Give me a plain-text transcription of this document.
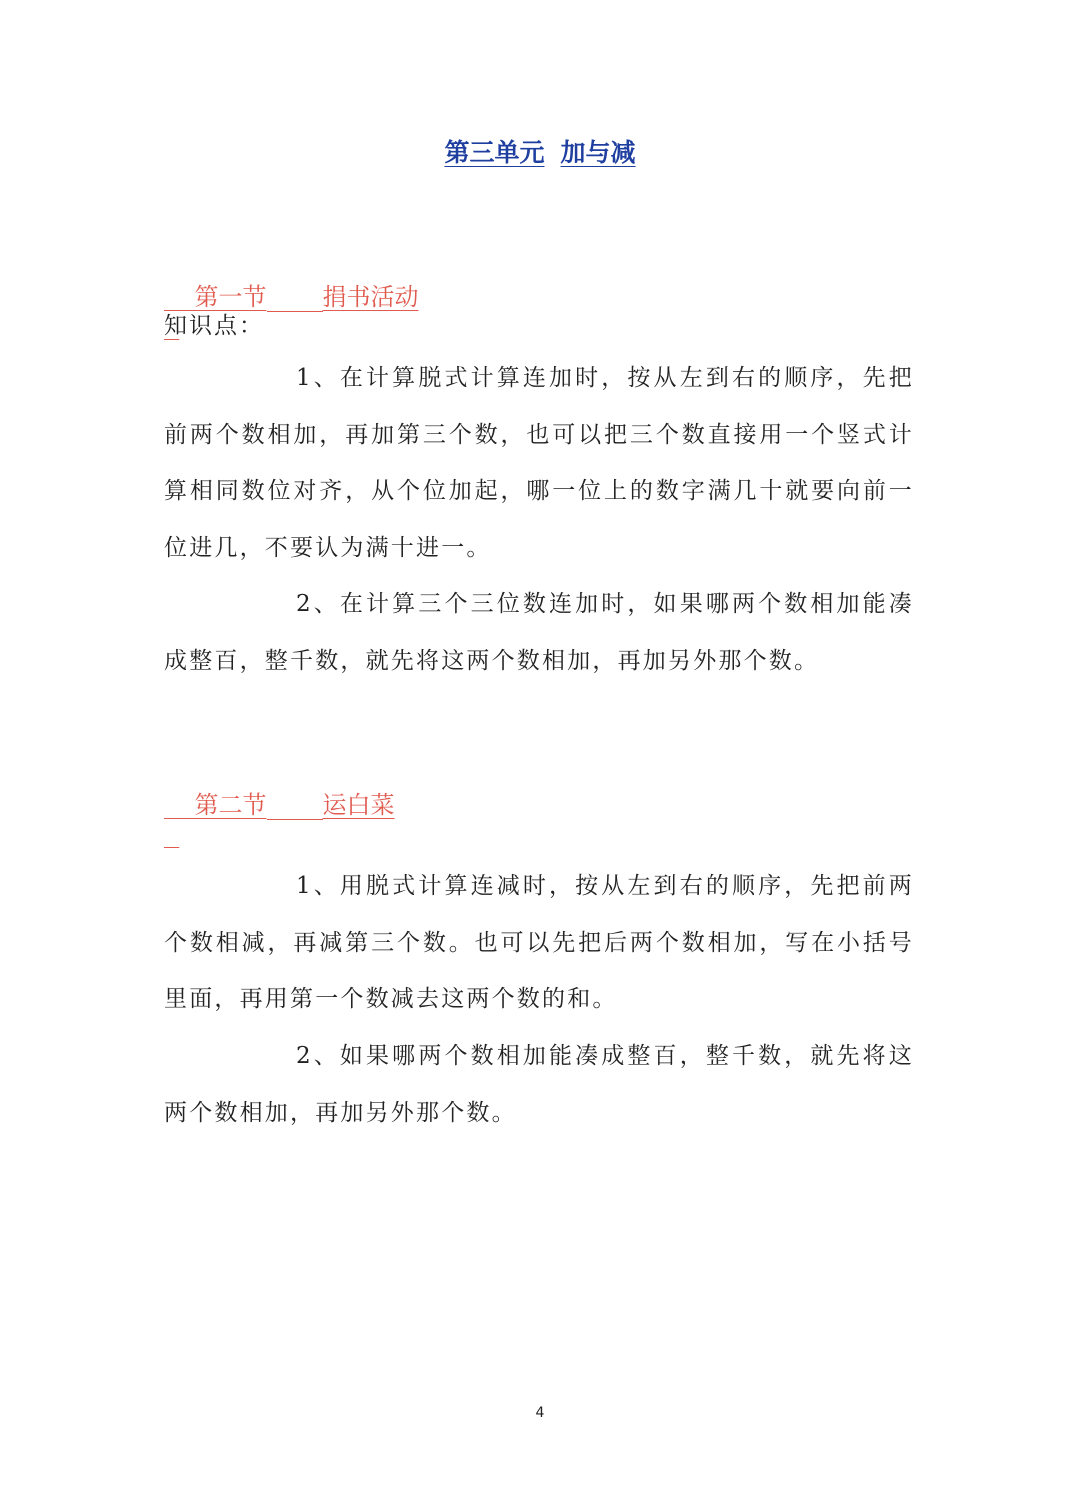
第三单元 加与减

第一节 捐书活动

知识点：
1、在计算脱式计算连加时，按从左到右的顺序，先把前两个数相加，再加第三个数，也可以把三个数直接用一个竖式计算相同数位对齐，从个位加起，哪一位上的数字满几十就要向前一位进几，不要认为满十进一。
2、在计算三个三位数连加时，如果哪两个数相加能凑成整百，整千数，就先将这两个数相加，再加另外那个数。

第二节 运白菜

1、用脱式计算连减时，按从左到右的顺序，先把前两个数相减，再减第三个数。也可以先把后两个数相加，写在小括号里面，再用第一个数减去这两个数的和。
2、如果哪两个数相加能凑成整百，整千数，就先将这两个数相加，再加另外那个数。
4
